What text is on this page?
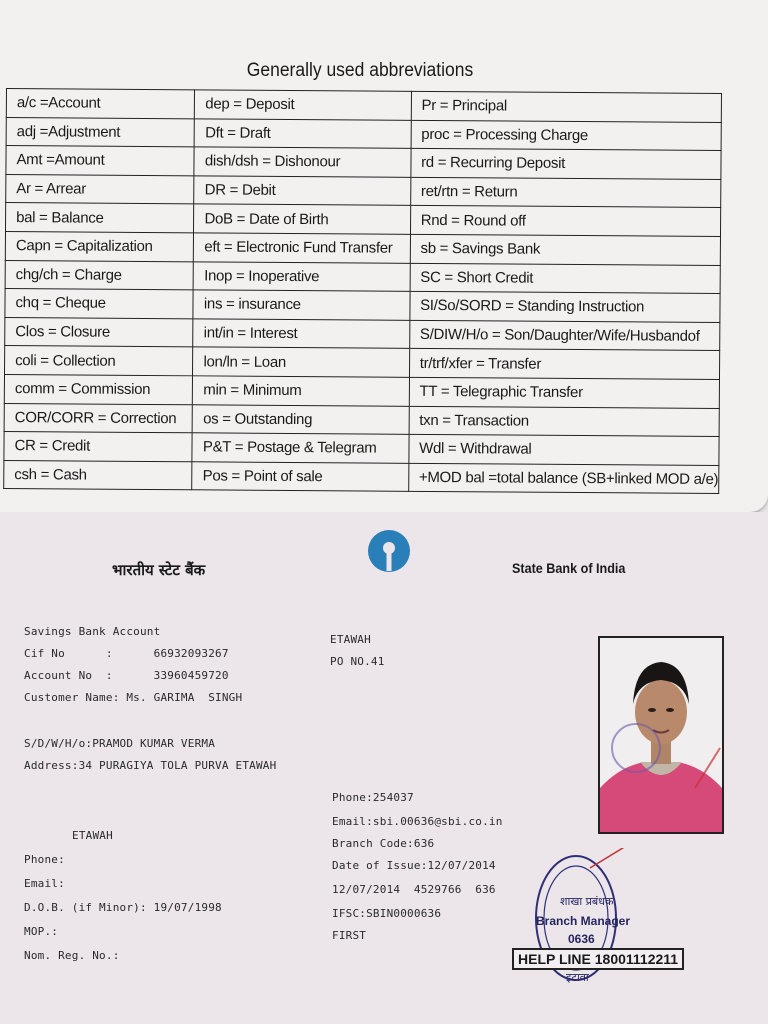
Generally used abbreviations
a/c =Account	dep = Deposit	Pr = Principal
adj =Adjustment	Dft = Draft	proc = Processing Charge
Amt =Amount	dish/dsh = Dishonour	rd = Recurring Deposit
Ar = Arrear	DR = Debit	ret/rtn = Return
bal = Balance	DoB = Date of Birth	Rnd = Round off
Capn = Capitalization	eft = Electronic Fund Transfer	sb = Savings Bank
chg/ch = Charge	Inop = Inoperative	SC = Short Credit
chq = Cheque	ins = insurance	SI/So/SORD = Standing Instruction
Clos = Closure	int/in = Interest	S/DIW/H/o = Son/Daughter/Wife/Husbandof
coli = Collection	lon/ln = Loan	tr/trf/xfer = Transfer
comm = Commission	min = Minimum	TT = Telegraphic Transfer
COR/CORR = Correction	os = Outstanding	txn = Transaction
CR = Credit	P&T = Postage & Telegram	Wdl = Withdrawal
csh = Cash	Pos = Point of sale	+MOD bal =total balance (SB+linked MOD a/e)
भारतीय स्टेट बैंक	State Bank of India
Savings Bank Account
Cif No      :      66932093267
Account No  :      33960459720
Customer Name: Ms. GARIMA  SINGH
S/D/W/H/o:PRAMOD KUMAR VERMA
Address:34 PURAGIYA TOLA PURVA ETAWAH
ETAWAH
Phone:
Email:
D.O.B. (if Minor): 19/07/1998
MOP.:
Nom. Reg. No.:
ETAWAH
PO NO.41
Phone:254037
Email:sbi.00636@sbi.co.in
Branch Code:636
Date of Issue:12/07/2014
12/07/2014  4529766  636
IFSC:SBIN0000636
FIRST
शाखा प्रबंधक
Branch Manager
0636
इटावा
HELP LINE 18001112211
